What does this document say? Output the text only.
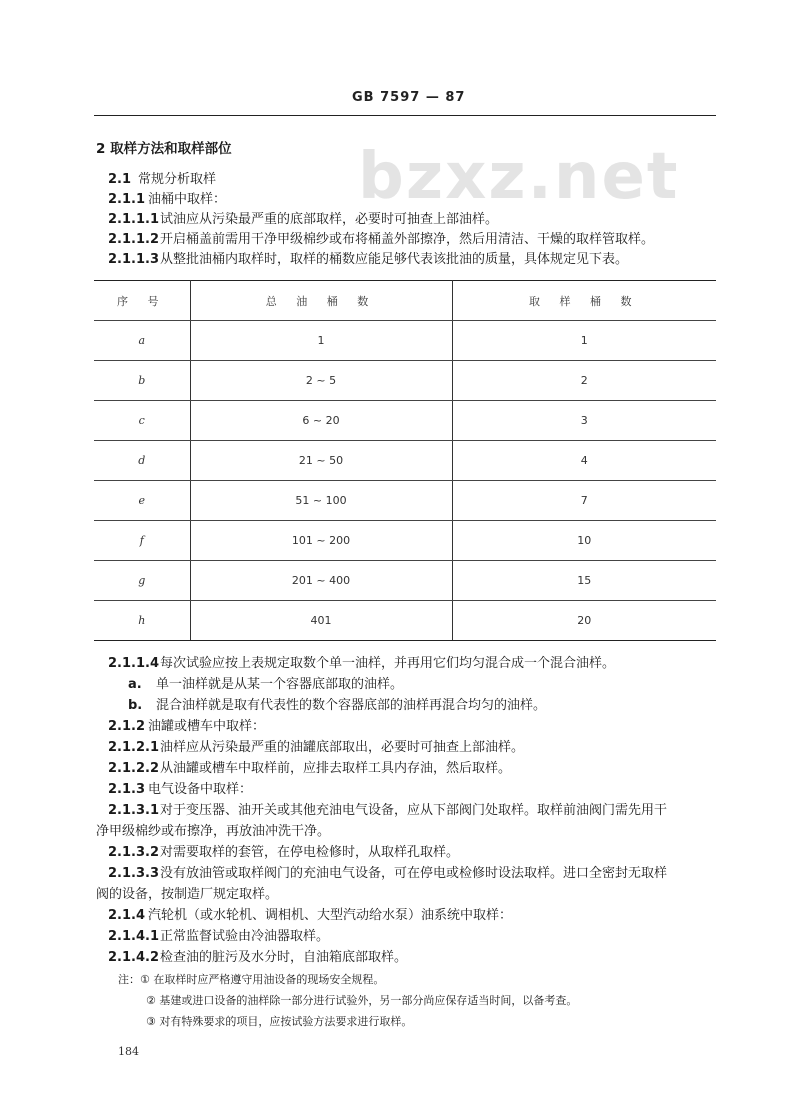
GB 7597 — 87
bzxz.net
2 取样方法和取样部位
2.1 常规分析取样
2.1.1 油桶中取样：
2.1.1.1试油应从污染最严重的底部取样，必要时可抽查上部油样。
2.1.1.2开启桶盖前需用干净甲级棉纱或布将桶盖外部擦净，然后用清洁、干燥的取样管取样。
2.1.1.3从整批油桶内取样时，取样的桶数应能足够代表该批油的质量，具体规定见下表。
序 号	总 油 桶 数	取 样 桶 数
a	1	1
b	2 ~ 5	2
c	6 ~ 20	3
d	21 ~ 50	4
e	51 ~ 100	7
f	101 ~ 200	10
g	201 ~ 400	15
h	401	20
2.1.1.4每次试验应按上表规定取数个单一油样，并再用它们均匀混合成一个混合油样。
a. 单一油样就是从某一个容器底部取的油样。
b. 混合油样就是取有代表性的数个容器底部的油样再混合均匀的油样。
2.1.2 油罐或槽车中取样：
2.1.2.1油样应从污染最严重的油罐底部取出，必要时可抽查上部油样。
2.1.2.2从油罐或槽车中取样前，应排去取样工具内存油，然后取样。
2.1.3 电气设备中取样：
2.1.3.1对于变压器、油开关或其他充油电气设备，应从下部阀门处取样。取样前油阀门需先用干
净甲级棉纱或布擦净，再放油冲洗干净。
2.1.3.2对需要取样的套管，在停电检修时，从取样孔取样。
2.1.3.3没有放油管或取样阀门的充油电气设备，可在停电或检修时设法取样。进口全密封无取样
阀的设备，按制造厂规定取样。
2.1.4 汽轮机（或水轮机、调相机、大型汽动给水泵）油系统中取样：
2.1.4.1正常监督试验由冷油器取样。
2.1.4.2检查油的脏污及水分时，自油箱底部取样。
注：① 在取样时应严格遵守用油设备的现场安全规程。
② 基建或进口设备的油样除一部分进行试验外，另一部分尚应保存适当时间，以备考查。
③ 对有特殊要求的项目，应按试验方法要求进行取样。
184
